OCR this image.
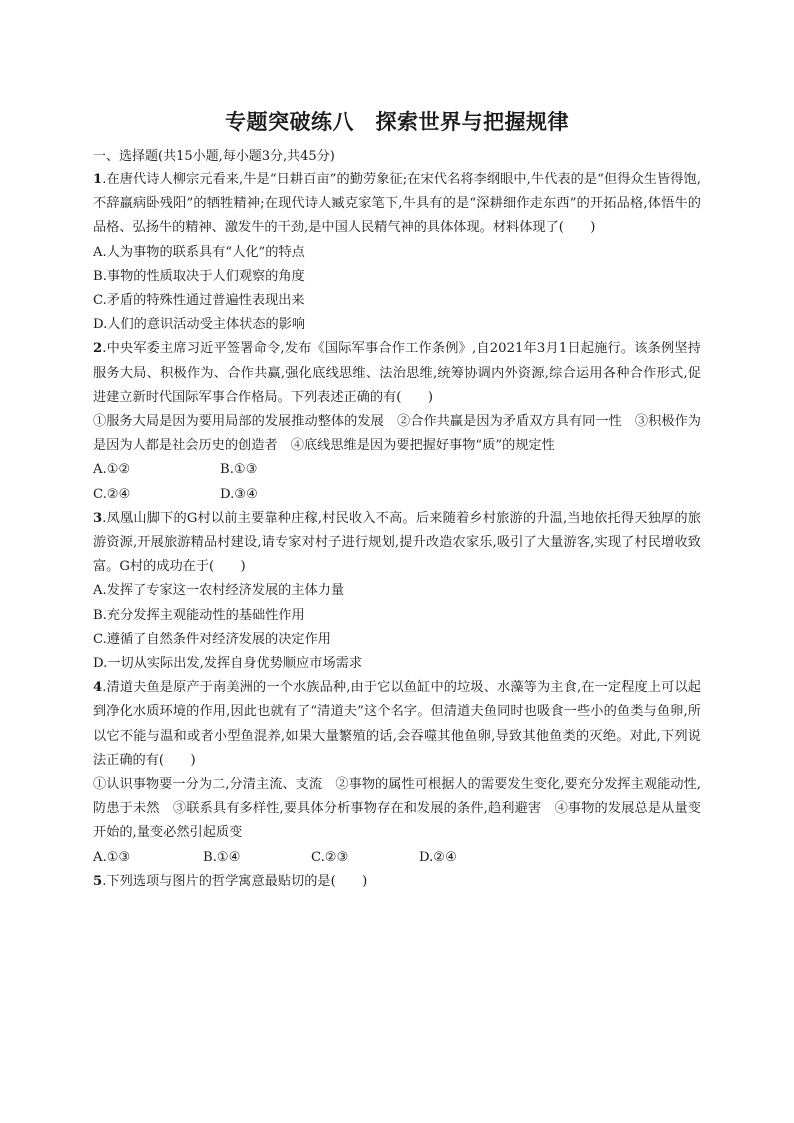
专题突破练八　探索世界与把握规律
一、选择题(共15小题,每小题3分,共45分)

1.在唐代诗人柳宗元看来,牛是“日耕百亩”的勤劳象征;在宋代名将李纲眼中,牛代表的是“但得众生皆得饱,不辞羸病卧残阳”的牺牲精神;在现代诗人臧克家笔下,牛具有的是“深耕细作走东西”的开拓品格,体悟牛的品格、弘扬牛的精神、激发牛的干劲,是中国人民精气神的具体体现。材料体现了(　　)

A.人为事物的联系具有“人化”的特点

B.事物的性质取决于人们观察的角度

C.矛盾的特殊性通过普遍性表现出来

D.人们的意识活动受主体状态的影响

2.中央军委主席习近平签署命令,发布《国际军事合作工作条例》,自2021年3月1日起施行。该条例坚持服务大局、积极作为、合作共赢,强化底线思维、法治思维,统筹协调内外资源,综合运用各种合作形式,促进建立新时代国际军事合作格局。下列表述正确的有(　　)

①服务大局是因为要用局部的发展推动整体的发展　②合作共赢是因为矛盾双方具有同一性　③积极作为是因为人都是社会历史的创造者　④底线思维是因为要把握好事物“质”的规定性

A.①②	B.①③
C.②④	D.③④

3.凤凰山脚下的G村以前主要靠种庄稼,村民收入不高。后来随着乡村旅游的升温,当地依托得天独厚的旅游资源,开展旅游精品村建设,请专家对村子进行规划,提升改造农家乐,吸引了大量游客,实现了村民增收致富。G村的成功在于(　　)

A.发挥了专家这一农村经济发展的主体力量

B.充分发挥主观能动性的基础性作用

C.遵循了自然条件对经济发展的决定作用

D.一切从实际出发,发挥自身优势顺应市场需求

4.清道夫鱼是原产于南美洲的一个水族品种,由于它以鱼缸中的垃圾、水藻等为主食,在一定程度上可以起到净化水质环境的作用,因此也就有了“清道夫”这个名字。但清道夫鱼同时也吸食一些小的鱼类与鱼卵,所以它不能与温和或者小型鱼混养,如果大量繁殖的话,会吞噬其他鱼卵,导致其他鱼类的灭绝。对此,下列说法正确的有(　　)

①认识事物要一分为二,分清主流、支流　②事物的属性可根据人的需要发生变化,要充分发挥主观能动性,防患于未然　③联系具有多样性,要具体分析事物存在和发展的条件,趋利避害　④事物的发展总是从量变开始的,量变必然引起质变

A.①③	B.①④	C.②③	D.②④

5.下列选项与图片的哲学寓意最贴切的是(　　)
